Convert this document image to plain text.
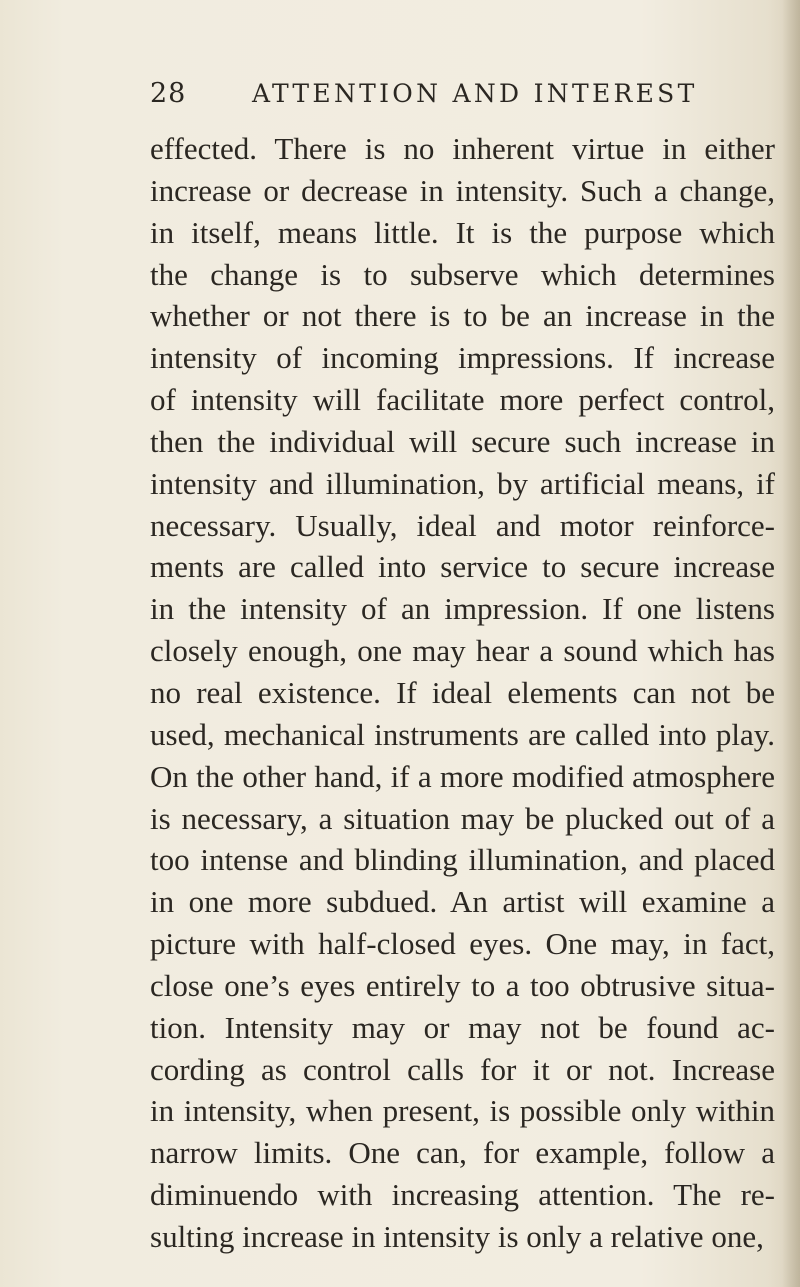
28	ATTENTION AND INTEREST
effected. There is no inherent virtue in either
increase or decrease in intensity. Such a change,
in itself, means little. It is the purpose which
the change is to subserve which determines
whether or not there is to be an increase in the
intensity of incoming impressions. If increase
of intensity will facilitate more perfect control,
then the individual will secure such increase in
intensity and illumination, by artificial means, if
necessary. Usually, ideal and motor reinforce-
ments are called into service to secure increase
in the intensity of an impression. If one listens
closely enough, one may hear a sound which has
no real existence. If ideal elements can not be
used, mechanical instruments are called into play.
On the other hand, if a more modified atmosphere
is necessary, a situation may be plucked out of a
too intense and blinding illumination, and placed
in one more subdued. An artist will examine a
picture with half-closed eyes. One may, in fact,
close one’s eyes entirely to a too obtrusive situa-
tion. Intensity may or may not be found ac-
cording as control calls for it or not. Increase
in intensity, when present, is possible only within
narrow limits. One can, for example, follow a
diminuendo with increasing attention. The re-
sulting increase in intensity is only a relative one,
